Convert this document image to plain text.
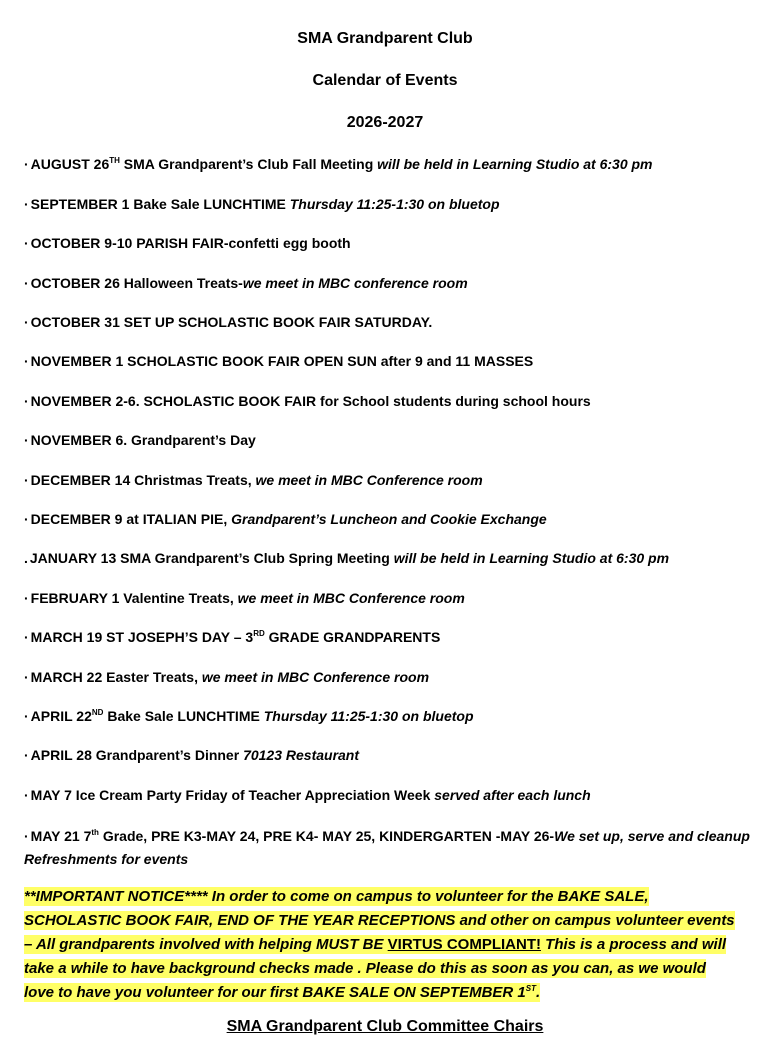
SMA Grandparent Club
Calendar of Events
2026-2027
· AUGUST 26TH SMA Grandparent’s Club Fall Meeting will be held in Learning Studio at 6:30 pm
· SEPTEMBER 1 Bake Sale LUNCHTIME Thursday 11:25-1:30 on bluetop
· OCTOBER 9-10 PARISH FAIR-confetti egg booth
· OCTOBER 26 Halloween Treats-we meet in MBC conference room
· OCTOBER 31 SET UP SCHOLASTIC BOOK FAIR SATURDAY.
· NOVEMBER 1 SCHOLASTIC BOOK FAIR OPEN SUN after 9 and 11 MASSES
· NOVEMBER 2-6. SCHOLASTIC BOOK FAIR for School students during school hours
· NOVEMBER 6. Grandparent’s Day
· DECEMBER 14 Christmas Treats, we meet in MBC Conference room
· DECEMBER 9 at ITALIAN PIE, Grandparent’s Luncheon and Cookie Exchange
. JANUARY 13 SMA Grandparent’s Club Spring Meeting will be held in Learning Studio at 6:30 pm
· FEBRUARY 1 Valentine Treats, we meet in MBC Conference room
· MARCH 19 ST JOSEPH’S DAY – 3RD GRADE GRANDPARENTS
· MARCH 22 Easter Treats, we meet in MBC Conference room
· APRIL 22ND Bake Sale LUNCHTIME Thursday 11:25-1:30 on bluetop
· APRIL 28 Grandparent’s Dinner 70123 Restaurant
· MAY 7 Ice Cream Party Friday of Teacher Appreciation Week served after each lunch
· MAY 21 7th Grade, PRE K3-MAY 24, PRE K4- MAY 25, KINDERGARTEN -MAY 26-We set up, serve and cleanup Refreshments for events
**IMPORTANT NOTICE**** In order to come on campus to volunteer for the BAKE SALE, SCHOLASTIC BOOK FAIR, END OF THE YEAR RECEPTIONS and other on campus volunteer events – All grandparents involved with helping MUST BE VIRTUS COMPLIANT! This is a process and will take a while to have background checks made . Please do this as soon as you can, as we would love to have you volunteer for our first BAKE SALE ON SEPTEMBER 1ST.
SMA Grandparent Club Committee Chairs
